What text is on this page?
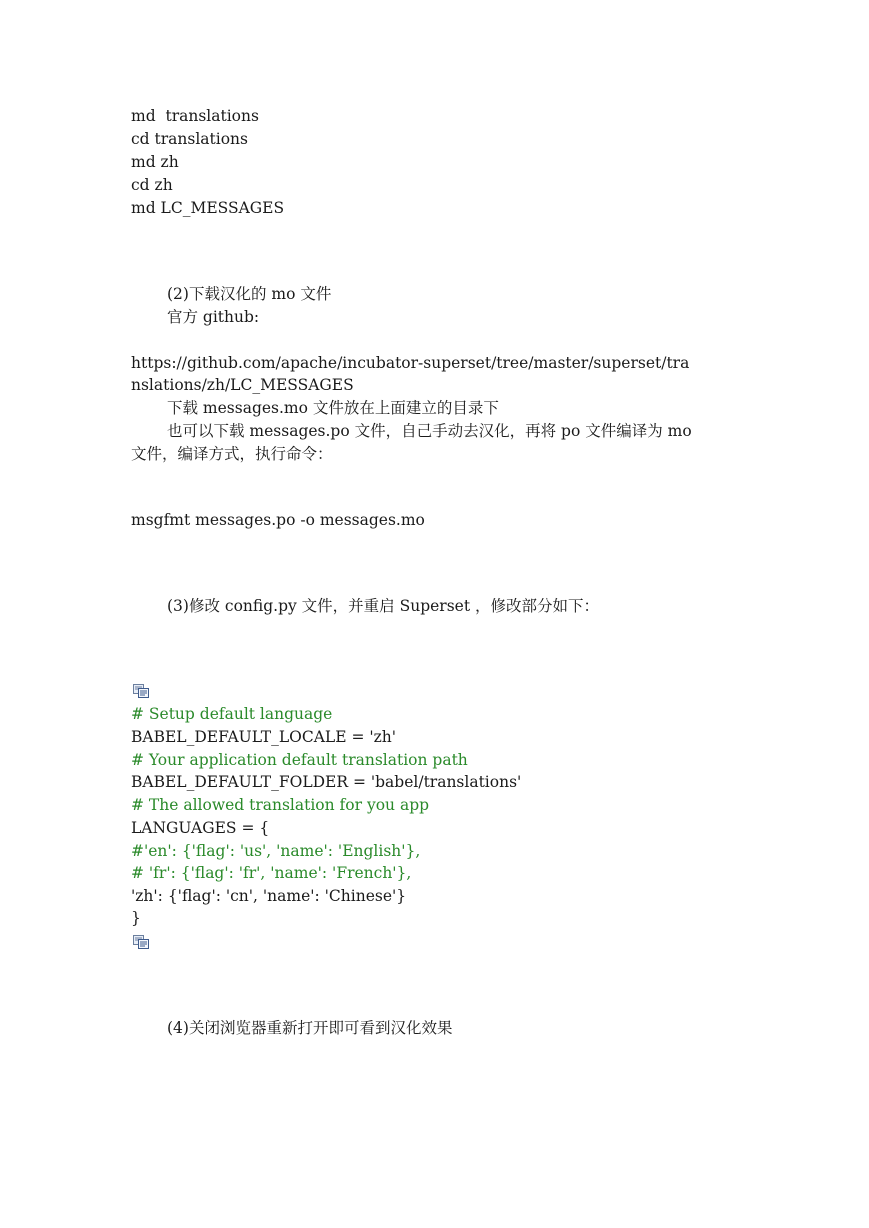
md  translations
cd translations
md zh
cd zh
md LC_MESSAGES
(2)下载汉化的 mo 文件
官方 github:
https://github.com/apache/incubator-superset/tree/master/superset/tra
nslations/zh/LC_MESSAGES
下载 messages.mo 文件放在上面建立的目录下
也可以下载 messages.po 文件，自己手动去汉化，再将 po 文件编译为 mo
文件，编译方式，执行命令：
msgfmt messages.po -o messages.mo
(3)修改 config.py 文件，并重启 Superset ，修改部分如下：
# Setup default language
BABEL_DEFAULT_LOCALE = 'zh'
# Your application default translation path
BABEL_DEFAULT_FOLDER = 'babel/translations'
# The allowed translation for you app
LANGUAGES = {
#'en': {'flag': 'us', 'name': 'English'},
# 'fr': {'flag': 'fr', 'name': 'French'},
'zh': {'flag': 'cn', 'name': 'Chinese'}
}
(4)关闭浏览器重新打开即可看到汉化效果
